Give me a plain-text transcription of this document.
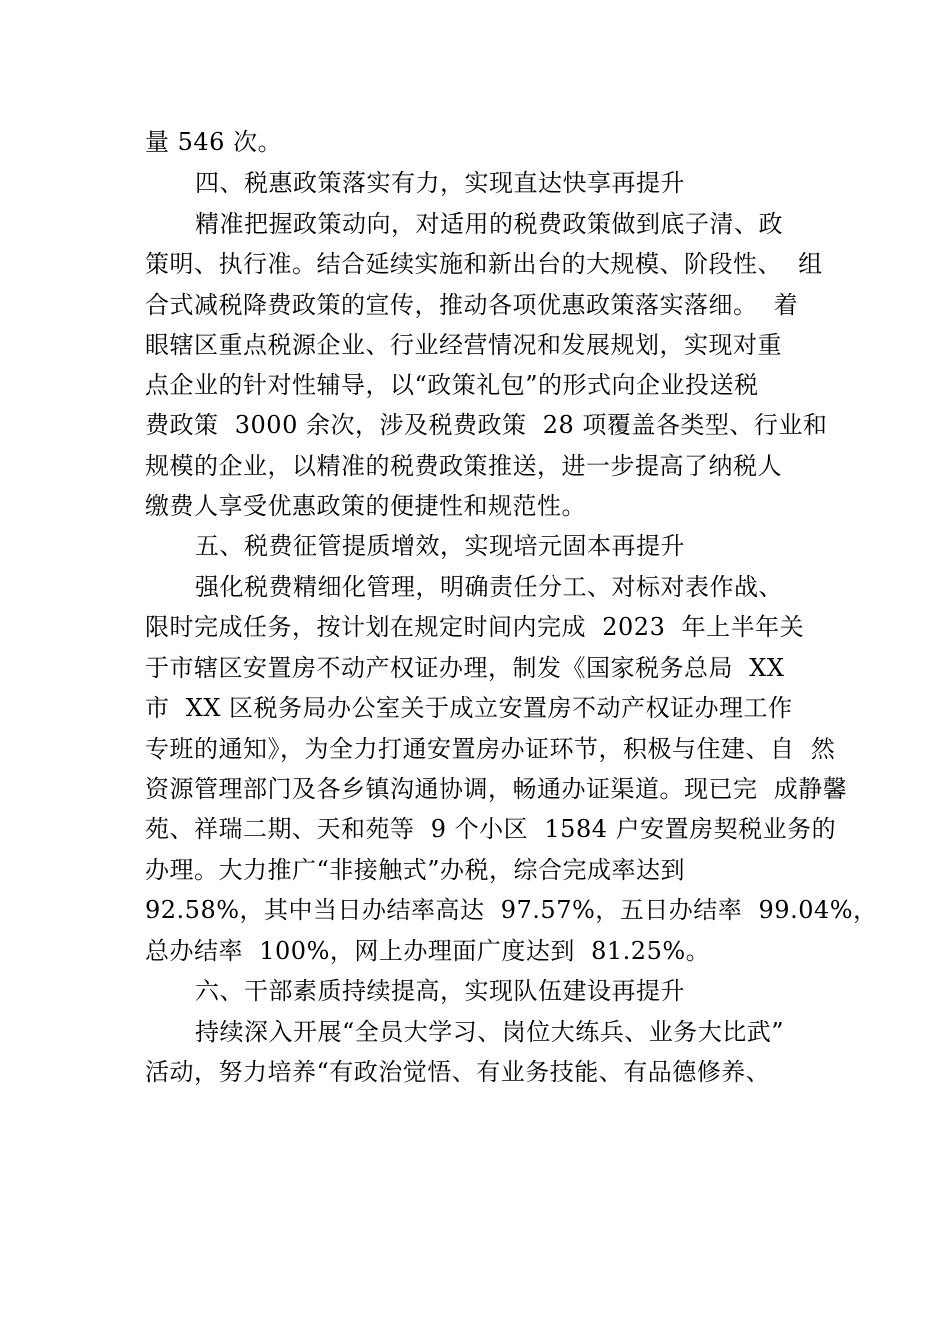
量 546 次。
四、税惠政策落实有力，实现直达快享再提升
精准把握政策动向，对适用的税费政策做到底子清、政
策明、执行准。结合延续实施和新出台的大规模、阶段性、  组
合式减税降费政策的宣传，推动各项优惠政策落实落细。  着
眼辖区重点税源企业、行业经营情况和发展规划，实现对重
点企业的针对性辅导，以“政策礼包”的形式向企业投送税
费政策  3000 余次，涉及税费政策  28 项覆盖各类型、行业和
规模的企业，以精准的税费政策推送，进一步提高了纳税人
缴费人享受优惠政策的便捷性和规范性。
五、税费征管提质增效，实现培元固本再提升
强化税费精细化管理，明确责任分工、对标对表作战、
限时完成任务，按计划在规定时间内完成  2023  年上半年关
于市辖区安置房不动产权证办理，制发《国家税务总局  XX
市  XX 区税务局办公室关于成立安置房不动产权证办理工作
专班的通知》，为全力打通安置房办证环节，积极与住建、自  然
资源管理部门及各乡镇沟通协调，畅通办证渠道。现已完  成静馨
苑、祥瑞二期、天和苑等  9 个小区  1584 户安置房契税业务的
办理。大力推广“非接触式”办税，综合完成率达到
92.58%，其中当日办结率高达  97.57%，五日办结率  99.04%，
总办结率  100%，网上办理面广度达到  81.25%。
六、干部素质持续提高，实现队伍建设再提升
持续深入开展“全员大学习、岗位大练兵、业务大比武”
活动，努力培养“有政治觉悟、有业务技能、有品德修养、
